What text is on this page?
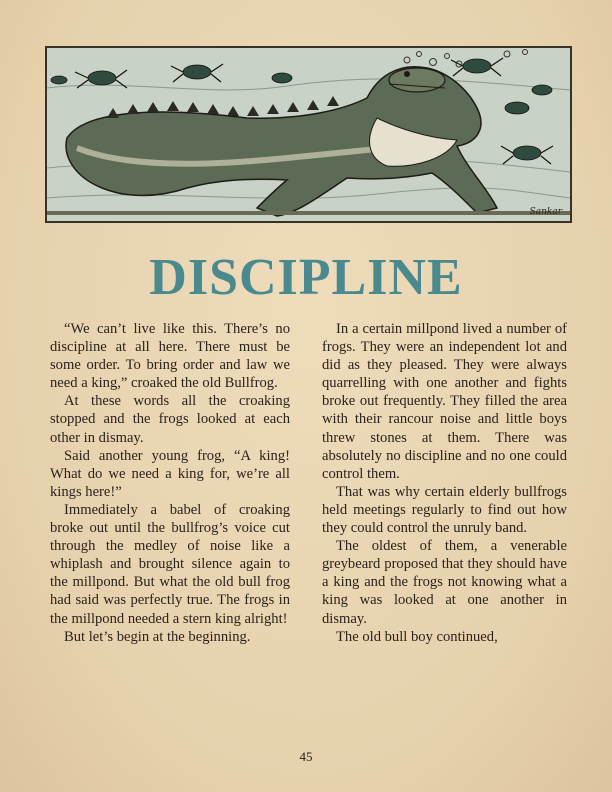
Sankar
DISCIPLINE

“We can’t live like this. There’s no discipline at all here. There must be some order. To bring order and law we need a king,” croaked the old Bullfrog.

At these words all the croaking stopped and the frogs looked at each other in dismay.

Said another young frog, “A king! What do we need a king for, we’re all kings here!”

Immediately a babel of croaking broke out until the bullfrog’s voice cut through the medley of noise like a whiplash and brought silence again to the millpond. But what the old bull frog had said was perfectly true. The frogs in the millpond needed a stern king alright!

But let’s begin at the beginning.

In a certain millpond lived a number of frogs. They were an independent lot and did as they pleased. They were always quarrelling with one another and fights broke out frequently. They filled the area with their rancour noise and little boys threw stones at them. There was absolutely no discipline and no one could control them.

That was why certain elderly bullfrogs held meetings regularly to find out how they could control the unruly band.

The oldest of them, a venerable greybeard proposed that they should have a king and the frogs not knowing what a king was looked at one another in dismay.

The old bull boy continued,

45
